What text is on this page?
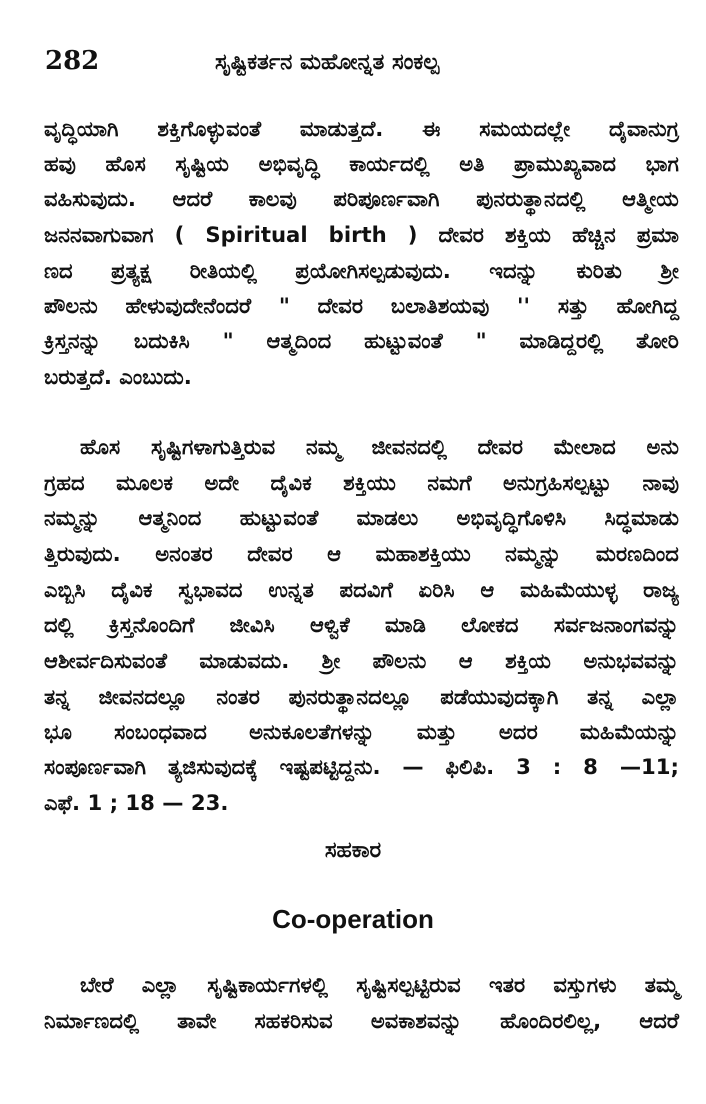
282	ಸೃಷ್ಟಿಕರ್ತನ ಮಹೋನ್ನತ ಸಂಕಲ್ಪ
ವೃದ್ಧಿಯಾಗಿ ಶಕ್ತಿಗೊಳ್ಳುವಂತೆ ಮಾಡುತ್ತದೆ. ಈ ಸಮಯದಲ್ಲೇ ದೈವಾನುಗ್ರ
ಹವು ಹೊಸ ಸೃಷ್ಟಿಯ ಅಭಿವೃದ್ಧಿ ಕಾರ್ಯದಲ್ಲಿ ಅತಿ ಪ್ರಾಮುಖ್ಯವಾದ ಭಾಗ
ವಹಿಸುವುದು. ಆದರೆ ಕಾಲವು ಪರಿಪೂರ್ಣವಾಗಿ ಪುನರುತ್ಥಾನದಲ್ಲಿ ಆತ್ಮೀಯ
ಜನನವಾಗುವಾಗ ( Spiritual birth ) ದೇವರ ಶಕ್ತಿಯ ಹೆಚ್ಚಿನ ಪ್ರಮಾ
ಣದ ಪ್ರತ್ಯಕ್ಷ ರೀತಿಯಲ್ಲಿ ಪ್ರಯೋಗಿಸಲ್ಪಡುವುದು. ಇದನ್ನು ಕುರಿತು ಶ್ರೀ
ಪೌಲನು ಹೇಳುವುದೇನೆಂದರೆ " ದೇವರ ಬಲಾತಿಶಯವು '' ಸತ್ತು ಹೋಗಿದ್ದ
ಕ್ರಿಸ್ತನನ್ನು ಬದುಕಿಸಿ " ಆತ್ಮದಿಂದ ಹುಟ್ಟುವಂತೆ " ಮಾಡಿದ್ದರಲ್ಲಿ ತೋರಿ
ಬರುತ್ತದೆ. ಎಂಬುದು.
ಹೊಸ ಸೃಷ್ಟಿಗಳಾಗುತ್ತಿರುವ ನಮ್ಮ ಜೀವನದಲ್ಲಿ ದೇವರ ಮೇಲಾದ ಅನು
ಗ್ರಹದ ಮೂಲಕ ಅದೇ ದೈವಿಕ ಶಕ್ತಿಯು ನಮಗೆ ಅನುಗ್ರಹಿಸಲ್ಪಟ್ಟು ನಾವು
ನಮ್ಮನ್ನು ಆತ್ಮನಿಂದ ಹುಟ್ಟುವಂತೆ ಮಾಡಲು ಅಭಿವೃದ್ಧಿಗೊಳಿಸಿ ಸಿದ್ಧಮಾಡು
ತ್ತಿರುವುದು. ಅನಂತರ ದೇವರ ಆ ಮಹಾಶಕ್ತಿಯು ನಮ್ಮನ್ನು ಮರಣದಿಂದ
ಎಬ್ಬಿಸಿ ದೈವಿಕ ಸ್ವಭಾವದ ಉನ್ನತ ಪದವಿಗೆ ಏರಿಸಿ ಆ ಮಹಿಮೆಯುಳ್ಳ ರಾಜ್ಯ
ದಲ್ಲಿ ಕ್ರಿಸ್ತನೊಂದಿಗೆ ಜೀವಿಸಿ ಆಳ್ವಿಕೆ ಮಾಡಿ ಲೋಕದ ಸರ್ವಜನಾಂಗವನ್ನು
ಆಶೀರ್ವದಿಸುವಂತೆ ಮಾಡುವದು. ಶ್ರೀ ಪೌಲನು ಆ ಶಕ್ತಿಯ ಅನುಭವವನ್ನು
ತನ್ನ ಜೀವನದಲ್ಲೂ ನಂತರ ಪುನರುತ್ಥಾನದಲ್ಲೂ ಪಡೆಯುವುದಕ್ಕಾಗಿ ತನ್ನ ಎಲ್ಲಾ
ಭೂ ಸಂಬಂಧವಾದ ಅನುಕೂಲತೆಗಳನ್ನು ಮತ್ತು ಅದರ ಮಹಿಮೆಯನ್ನು
ಸಂಪೂರ್ಣವಾಗಿ ತ್ಯಜಿಸುವುದಕ್ಕೆ ಇಷ್ಟಪಟ್ಟಿದ್ದನು. — ಫಿಲಿಪಿ. 3 : 8 —11;
ಎಫೆ. 1 ; 18 — 23.
ಸಹಕಾರ
Co-operation
ಬೇರೆ ಎಲ್ಲಾ ಸೃಷ್ಟಿಕಾರ್ಯಗಳಲ್ಲಿ ಸೃಷ್ಟಿಸಲ್ಪಟ್ಟಿರುವ ಇತರ ವಸ್ತುಗಳು ತಮ್ಮ
ನಿರ್ಮಾಣದಲ್ಲಿ ತಾವೇ ಸಹಕರಿಸುವ ಅವಕಾಶವನ್ನು ಹೊಂದಿರಲಿಲ್ಲ, ಆದರೆ
